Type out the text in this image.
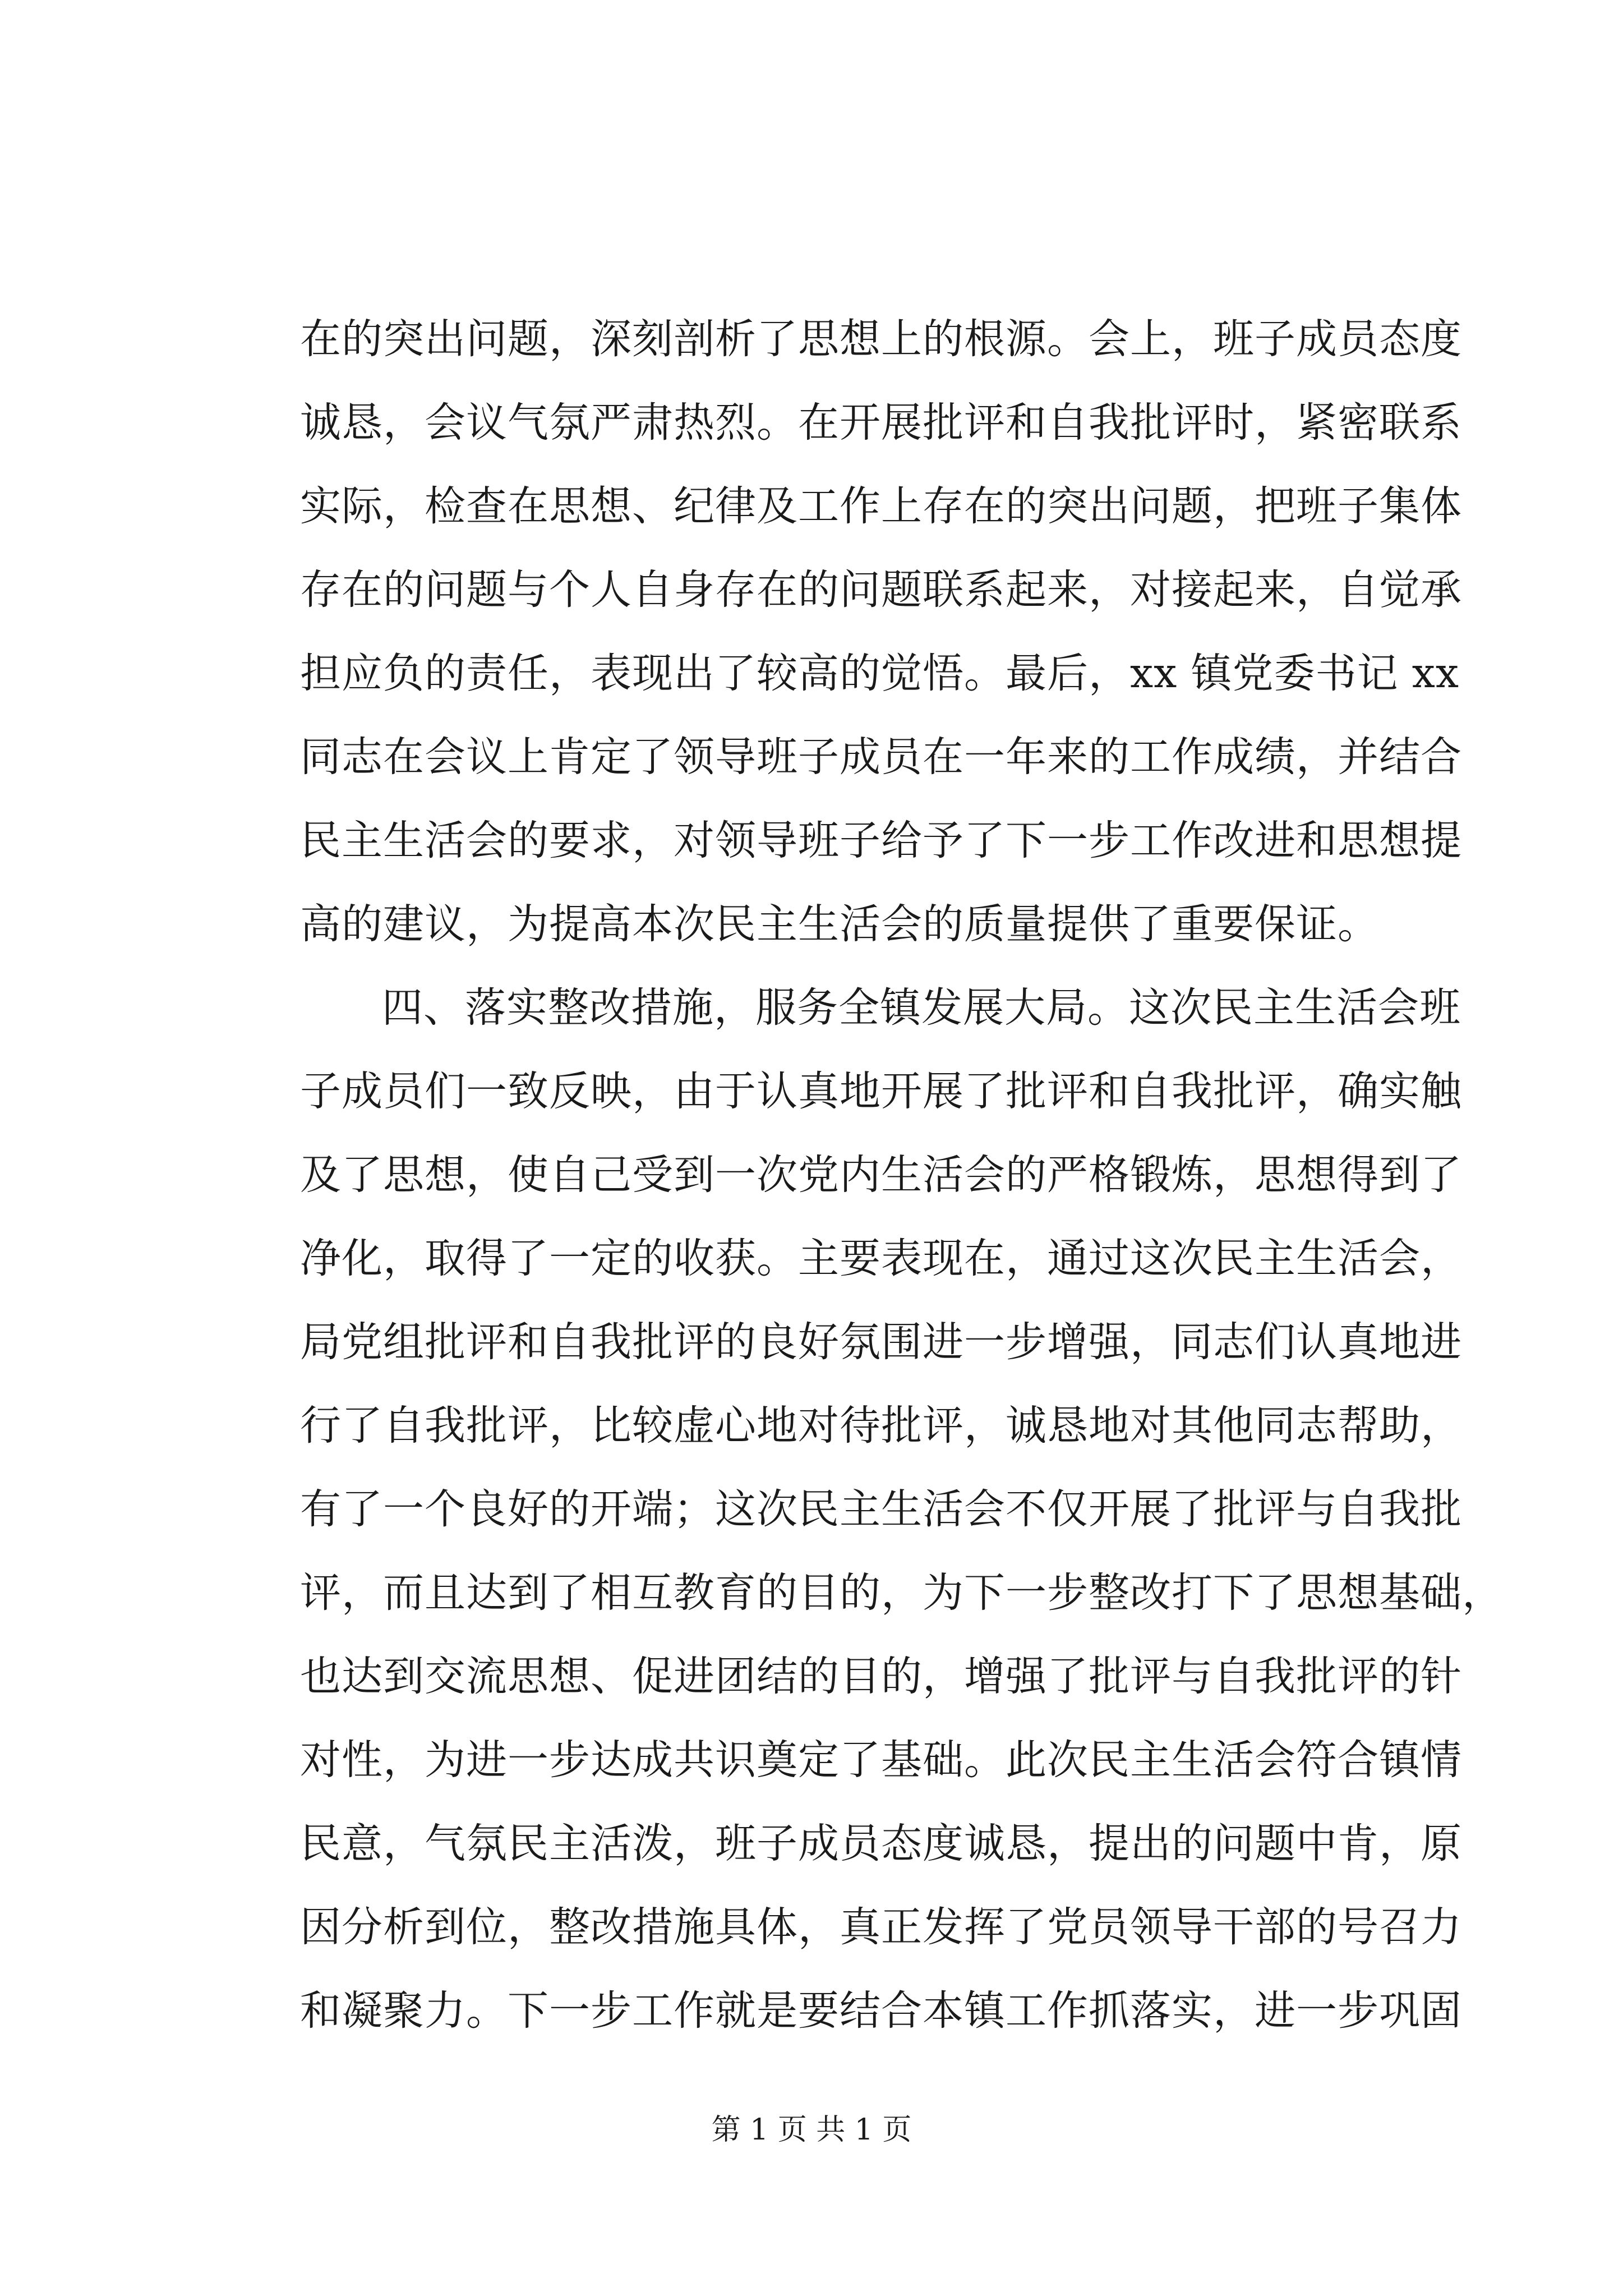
在的突出问题，深刻剖析了思想上的根源。会上，班子成员态度
诚恳，会议气氛严肃热烈。在开展批评和自我批评时，紧密联系
实际，检查在思想、纪律及工作上存在的突出问题，把班子集体
存在的问题与个人自身存在的问题联系起来，对接起来，自觉承
担应负的责任，表现出了较高的觉悟。最后，xx 镇党委书记 xx
同志在会议上肯定了领导班子成员在一年来的工作成绩，并结合
民主生活会的要求，对领导班子给予了下一步工作改进和思想提
高的建议，为提高本次民主生活会的质量提供了重要保证。
四、落实整改措施，服务全镇发展大局。这次民主生活会班
子成员们一致反映，由于认真地开展了批评和自我批评，确实触
及了思想，使自己受到一次党内生活会的严格锻炼，思想得到了
净化，取得了一定的收获。主要表现在，通过这次民主生活会，
局党组批评和自我批评的良好氛围进一步增强，同志们认真地进
行了自我批评，比较虚心地对待批评，诚恳地对其他同志帮助，
有了一个良好的开端；这次民主生活会不仅开展了批评与自我批
评，而且达到了相互教育的目的，为下一步整改打下了思想基础，
也达到交流思想、促进团结的目的，增强了批评与自我批评的针
对性，为进一步达成共识奠定了基础。此次民主生活会符合镇情
民意，气氛民主活泼，班子成员态度诚恳，提出的问题中肯，原
因分析到位，整改措施具体，真正发挥了党员领导干部的号召力
和凝聚力。下一步工作就是要结合本镇工作抓落实，进一步巩固
第 1 页 共 1 页
